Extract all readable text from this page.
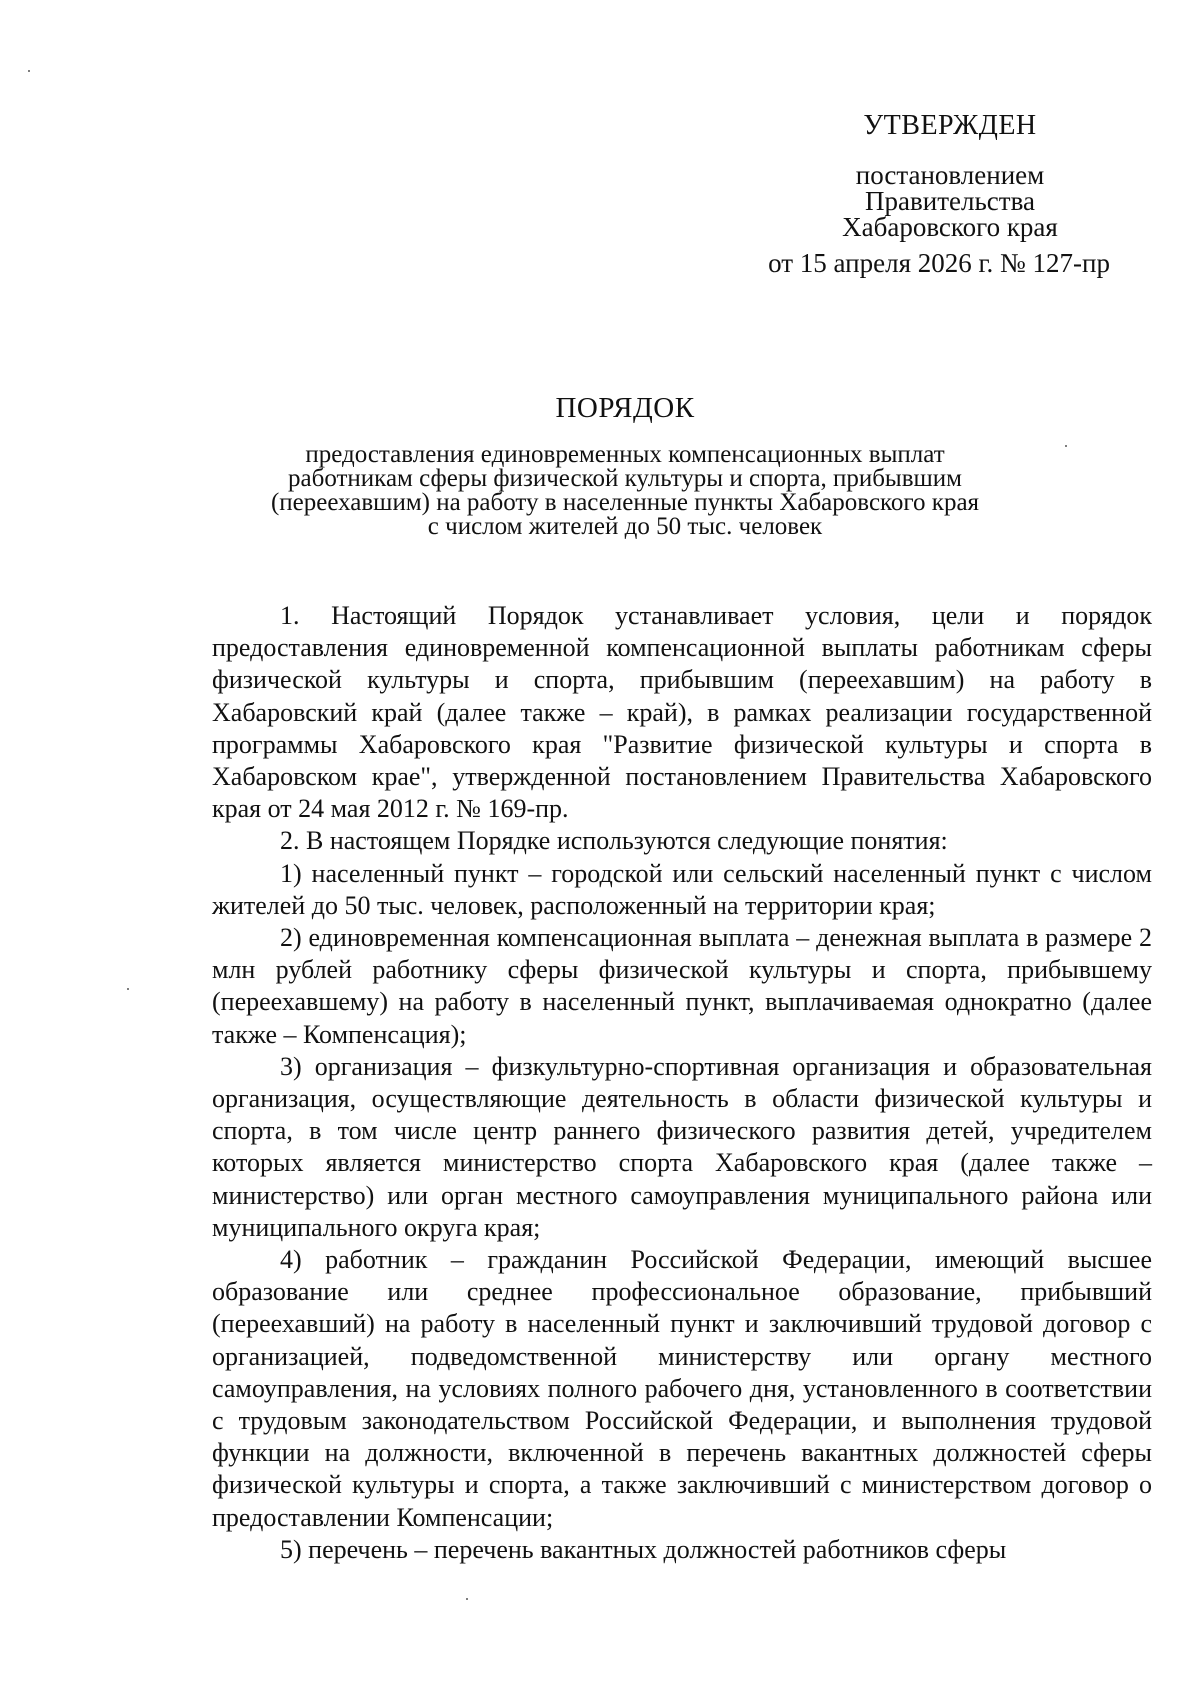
УТВЕРЖДЕН
постановлением
Правительства
Хабаровского края
от 15 апреля 2026 г. № 127-пр
ПОРЯДОК
предоставления единовременных компенсационных выплат
работникам сферы физической культуры и спорта, прибывшим
(переехавшим) на работу в населенные пункты Хабаровского края
с числом жителей до 50 тыс. человек

1. Настоящий Порядок устанавливает условия, цели и порядок предоставления единовременной компенсационной выплаты работникам сферы физической культуры и спорта, прибывшим (переехавшим) на работу в Хабаровский край (далее также – край), в рамках реализации государственной программы Хабаровского края "Развитие физической культуры и спорта в Хабаровском крае", утвержденной постановлением Правительства Хабаровского края от 24 мая 2012 г. № 169-пр.

2. В настоящем Порядке используются следующие понятия:

1) населенный пункт – городской или сельский населенный пункт с числом жителей до 50 тыс. человек, расположенный на территории края;

2) единовременная компенсационная выплата – денежная выплата в размере 2 млн рублей работнику сферы физической культуры и спорта, прибывшему (переехавшему) на работу в населенный пункт, выплачиваемая однократно (далее также – Компенсация);

3) организация – физкультурно-спортивная организация и образовательная организация, осуществляющие деятельность в области физической культуры и спорта, в том числе центр раннего физического развития детей, учредителем которых является министерство спорта Хабаровского края (далее также – министерство) или орган местного самоуправления муниципального района или муниципального округа края;

4) работник – гражданин Российской Федерации, имеющий высшее образование или среднее профессиональное образование, прибывший (переехавший) на работу в населенный пункт и заключивший трудовой договор с организацией, подведомственной министерству или органу местного самоуправления, на условиях полного рабочего дня, установленного в соответствии с трудовым законодательством Российской Федерации, и выполнения трудовой функции на должности, включенной в перечень вакантных должностей сферы физической культуры и спорта, а также заключивший с министерством договор о предоставлении Компенсации;

5) перечень – перечень вакантных должностей работников сферы
